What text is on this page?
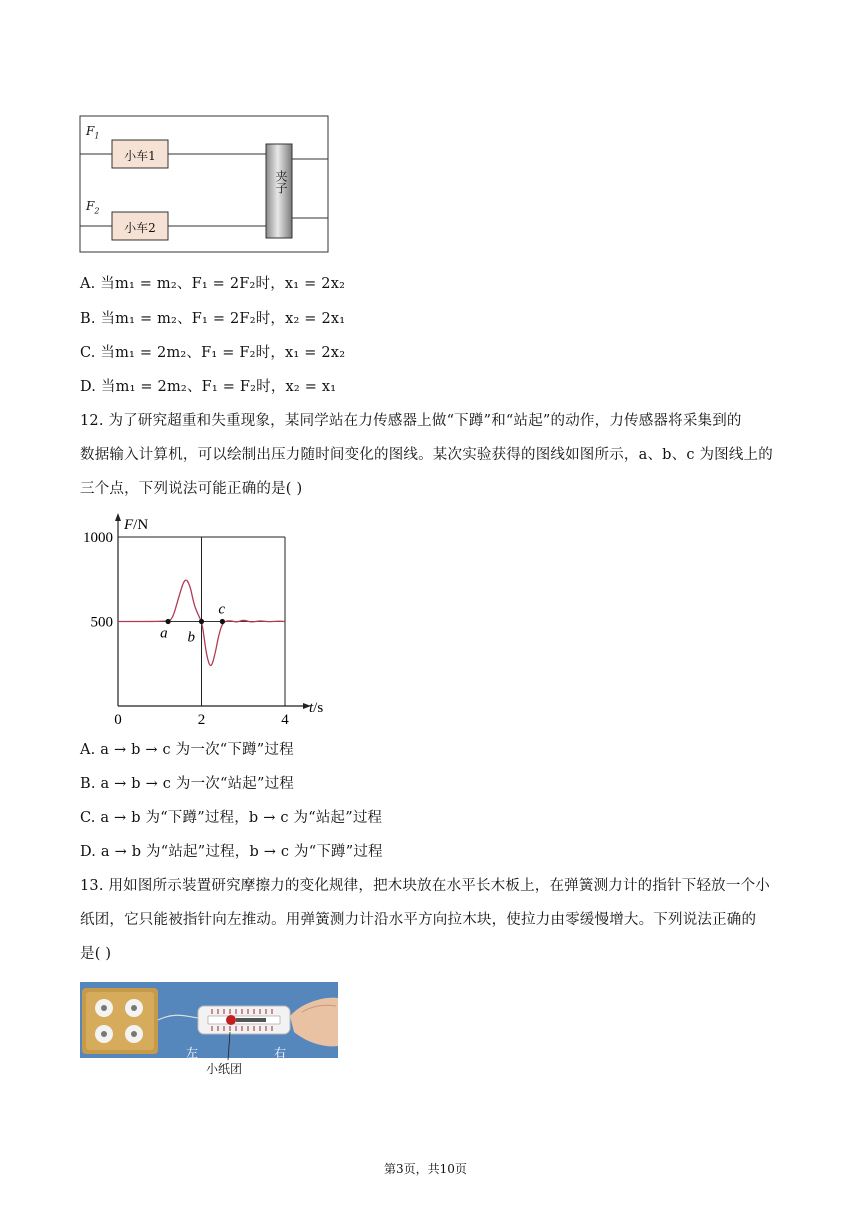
$F_1$
$F_2$
小车1
小车2
夹子
A. 当m₁ = m₂、F₁ = 2F₂时，x₁ = 2x₂
B. 当m₁ = m₂、F₁ = 2F₂时，x₂ = 2x₁
C. 当m₁ = 2m₂、F₁ = F₂时，x₁ = 2x₂
D. 当m₁ = 2m₂、F₁ = F₂时，x₂ = x₁
12. 为了研究超重和失重现象，某同学站在力传感器上做“下蹲”和“站起”的动作，力传感器将采集到的
数据输入计算机，可以绘制出压力随时间变化的图线。某次实验获得的图线如图所示，a、b、c 为图线上的
三个点，下列说法可能正确的是( )
0	2	4
1000
500
F/N
t/s
a b
c
A. a → b → c 为一次“下蹲”过程
B. a → b → c 为一次“站起”过程
C. a → b 为“下蹲”过程，b → c 为“站起”过程
D. a → b 为“站起”过程，b → c 为“下蹲”过程
13. 用如图所示装置研究摩擦力的变化规律，把木块放在水平长木板上，在弹簧测力计的指针下轻放一个小
纸团，它只能被指针向左推动。用弹簧测力计沿水平方向拉木块，使拉力由零缓慢增大。下列说法正确的
是( )
左	右
小纸团
第3页，共10页
